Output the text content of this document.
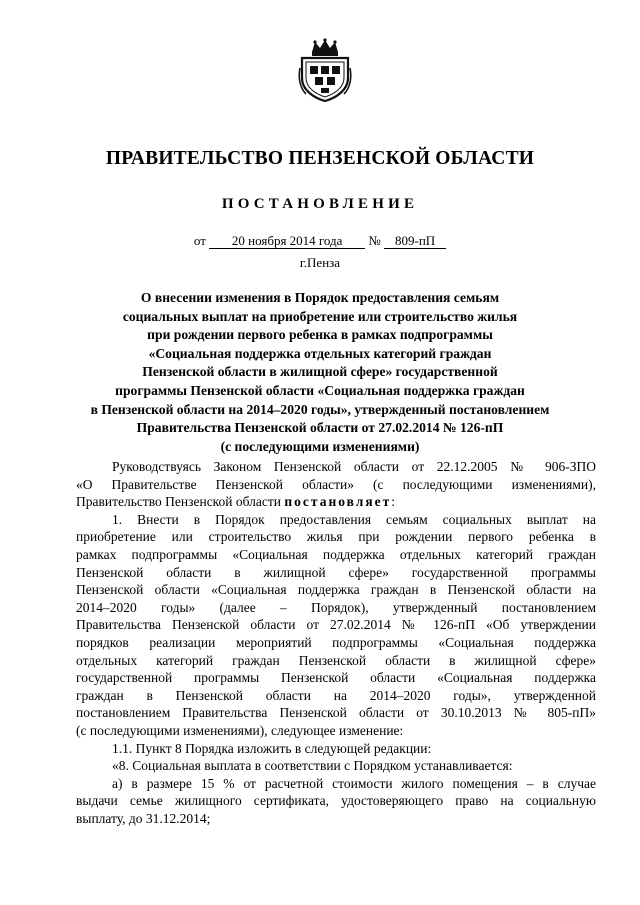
ПРАВИТЕЛЬСТВО ПЕНЗЕНСКОЙ ОБЛАСТИ
ПОСТАНОВЛЕНИЕ
от 20 ноября 2014 года № 809-пП
г.Пенза
О внесении изменения в Порядок предоставления семьям
социальных выплат на приобретение или строительство жилья
при рождении первого ребенка в рамках подпрограммы
«Социальная поддержка отдельных категорий граждан
Пензенской области в жилищной сфере» государственной
программы Пензенской области «Социальная поддержка граждан
в Пензенской области на 2014–2020 годы», утвержденный постановлением
Правительства Пензенской области от 27.02.2014 № 126-пП
(с последующими изменениями)
Руководствуясь Законом Пензенской области от 22.12.2005 № 906-ЗПО
«О Правительстве Пензенской области» (с последующими изменениями),
Правительство Пензенской области постановляет:
1. Внести в Порядок предоставления семьям социальных выплат на
приобретение или строительство жилья при рождении первого ребенка в
рамках подпрограммы «Социальная поддержка отдельных категорий граждан
Пензенской области в жилищной сфере» государственной программы
Пензенской области «Социальная поддержка граждан в Пензенской области на
2014–2020 годы» (далее – Порядок), утвержденный постановлением
Правительства Пензенской области от 27.02.2014 № 126-пП «Об утверждении
порядков реализации мероприятий подпрограммы «Социальная поддержка
отдельных категорий граждан Пензенской области в жилищной сфере»
государственной программы Пензенской области «Социальная поддержка
граждан в Пензенской области на 2014–2020 годы», утвержденной
постановлением Правительства Пензенской области от 30.10.2013 № 805-пП»
(с последующими изменениями), следующее изменение:
1.1. Пункт 8 Порядка изложить в следующей редакции:
«8. Социальная выплата в соответствии с Порядком устанавливается:
а) в размере 15 % от расчетной стоимости жилого помещения – в случае
выдачи семье жилищного сертификата, удостоверяющего право на социальную
выплату, до 31.12.2014;
